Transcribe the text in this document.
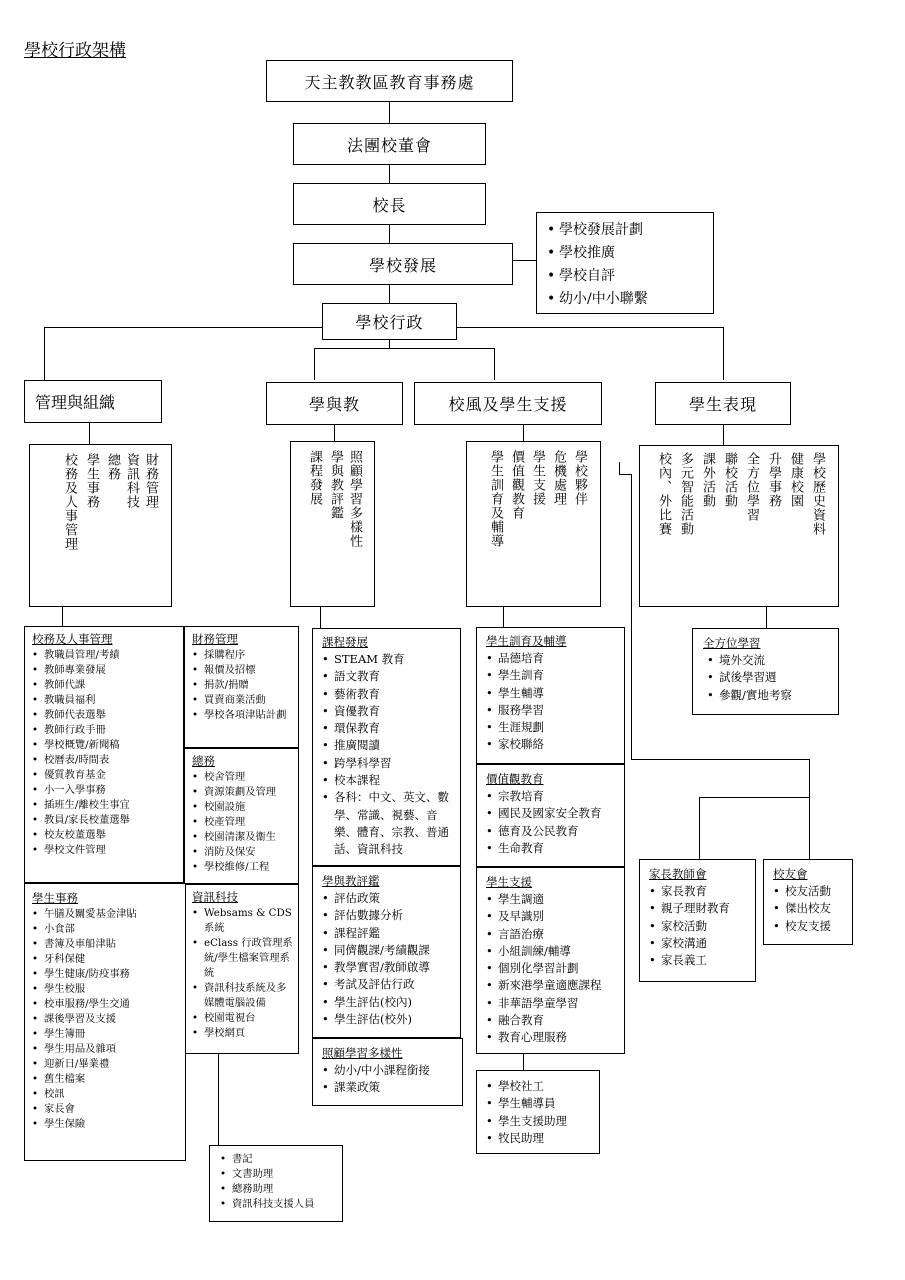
學校行政架構
天主教教區教育事務處
法團校董會
校長
學校發展
學校行政
• 學校發展計劃
• 學校推廣
• 學校自評
• 幼小/中小聯繫
管理與組織	學與教	校風及學生支援	學生表現
財務管理
資訊科技
總務
學生事務
校務及人事管理	照顧學習多樣性
學與教評鑑
課程發展	學校夥伴
危機處理
學生支援
價值觀教育
學生訓育及輔導	學校歷史資料
健康校園
升學事務
全方位學習
聯校活動
課外活動
多元智能活動
校內、外比賽
校務及人事管理
• 教職員管理/考績
• 教師專業發展
• 教師代課
• 教職員福利
• 教師代表選舉
• 教師行政手冊
• 學校概覽/新聞稿
• 校曆表/時間表
• 優質教育基金
• 小一入學事務
• 插班生/離校生事宜
• 教員/家長校董選舉
• 校友校董選舉
• 學校文件管理
財務管理
• 採購程序
• 報價及招標
• 捐款/捐贈
• 買賣商業活動
• 學校各項津貼計劃
總務
• 校舍管理
• 資源策劃及管理
• 校園設施
• 校產管理
• 校園清潔及衞生
• 消防及保安
• 學校維修/工程
資訊科技
• Websams & CDS 系統
• eClass 行政管理系統/學生檔案管理系統
• 資訊科技系統及多媒體電腦設備
• 校園電視台
• 學校網頁
學生事務
• 午膳及關愛基金津貼
• 小食部
• 書簿及車船津貼
• 牙科保健
• 學生健康/防疫事務
• 學生校服
• 校車服務/學生交通
• 課後學習及支援
• 學生簿冊
• 學生用品及雜項
• 迎新日/畢業禮
• 舊生檔案
• 校訊
• 家長會
• 學生保險
• 書記
• 文書助理
• 總務助理
• 資訊科技支援人員
課程發展
• STEAM 教育
• 語文教育
• 藝術教育
• 資優教育
• 環保教育
• 推廣閱讀
• 跨學科學習
• 校本課程
• 各科：中文、英文、數學、常識、視藝、音樂、體育、宗教、普通話、資訊科技
學與教評鑑
• 評估政策
• 評估數據分析
• 課程評鑑
• 同儕觀課/考績觀課
• 教學實習/教師啟導
• 考試及評估行政
• 學生評估(校內)
• 學生評估(校外)
照顧學習多樣性
• 幼小/中小課程銜接
• 課業政策
學生訓育及輔導
• 品德培育
• 學生訓育
• 學生輔導
• 服務學習
• 生涯規劃
• 家校聯絡
價值觀教育
• 宗教培育
• 國民及國家安全教育
• 德育及公民教育
• 生命教育
學生支援
• 學生調適
• 及早識別
• 言語治療
• 小組訓練/輔導
• 個別化學習計劃
• 新來港學童適應課程
• 非華語學童學習
• 融合教育
• 教育心理服務
• 學校社工
• 學生輔導員
• 學生支援助理
• 牧民助理
全方位學習
• 境外交流
• 試後學習週
• 參觀/實地考察
家長教師會
• 家長教育
• 親子理財教育
• 家校活動
• 家校溝通
• 家長義工
校友會
• 校友活動
• 傑出校友
• 校友支援
